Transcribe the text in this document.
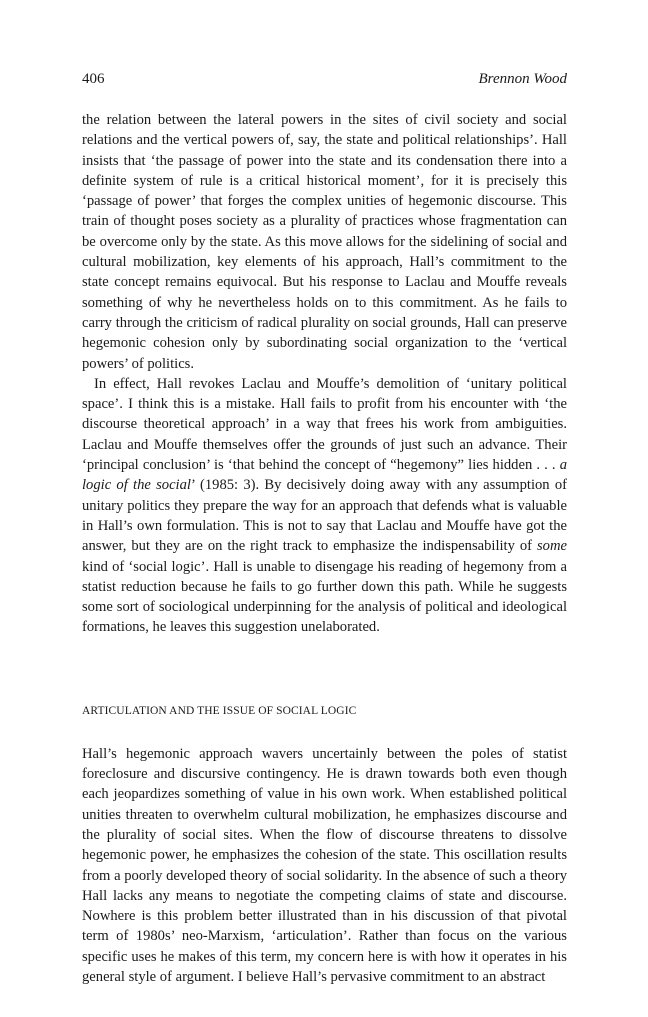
406	Brennon Wood

the relation between the lateral powers in the sites of civil society and social relations and the vertical powers of, say, the state and political relationships’. Hall insists that ‘the passage of power into the state and its condensation there into a definite system of rule is a critical historical moment’, for it is precisely this ‘passage of power’ that forges the complex unities of hegemonic discourse. This train of thought poses society as a plurality of practices whose fragmentation can be overcome only by the state. As this move allows for the sidelining of social and cultural mobilization, key elements of his approach, Hall’s commitment to the state concept remains equivocal. But his response to Laclau and Mouffe reveals something of why he nevertheless holds on to this commitment. As he fails to carry through the criticism of radical plurality on social grounds, Hall can preserve hegemonic cohesion only by subordinating social organization to the ‘vertical powers’ of politics.

In effect, Hall revokes Laclau and Mouffe’s demolition of ‘unitary political space’. I think this is a mistake. Hall fails to profit from his encounter with ‘the discourse theoretical approach’ in a way that frees his work from ambiguities. Laclau and Mouffe themselves offer the grounds of just such an advance. Their ‘principal conclusion’ is ‘that behind the concept of “hegemony” lies hidden . . . a logic of the social’ (1985: 3). By decisively doing away with any assumption of unitary politics they prepare the way for an approach that defends what is valuable in Hall’s own formulation. This is not to say that Laclau and Mouffe have got the answer, but they are on the right track to emphasize the indispensability of some kind of ‘social logic’. Hall is unable to disengage his reading of hegemony from a statist reduction because he fails to go further down this path. While he suggests some sort of sociological underpinning for the analysis of political and ideological formations, he leaves this suggestion unelaborated.

ARTICULATION AND THE ISSUE OF SOCIAL LOGIC

Hall’s hegemonic approach wavers uncertainly between the poles of statist foreclosure and discursive contingency. He is drawn towards both even though each jeopardizes something of value in his own work. When established political unities threaten to overwhelm cultural mobilization, he emphasizes discourse and the plurality of social sites. When the flow of discourse threatens to dissolve hegemonic power, he emphasizes the cohesion of the state. This oscillation results from a poorly developed theory of social solidarity. In the absence of such a theory Hall lacks any means to negotiate the competing claims of state and discourse. Nowhere is this problem better illustrated than in his discussion of that pivotal term of 1980s’ neo-Marxism, ‘articulation’. Rather than focus on the various specific uses he makes of this term, my concern here is with how it operates in his general style of argument. I believe Hall’s pervasive commitment to an abstract
